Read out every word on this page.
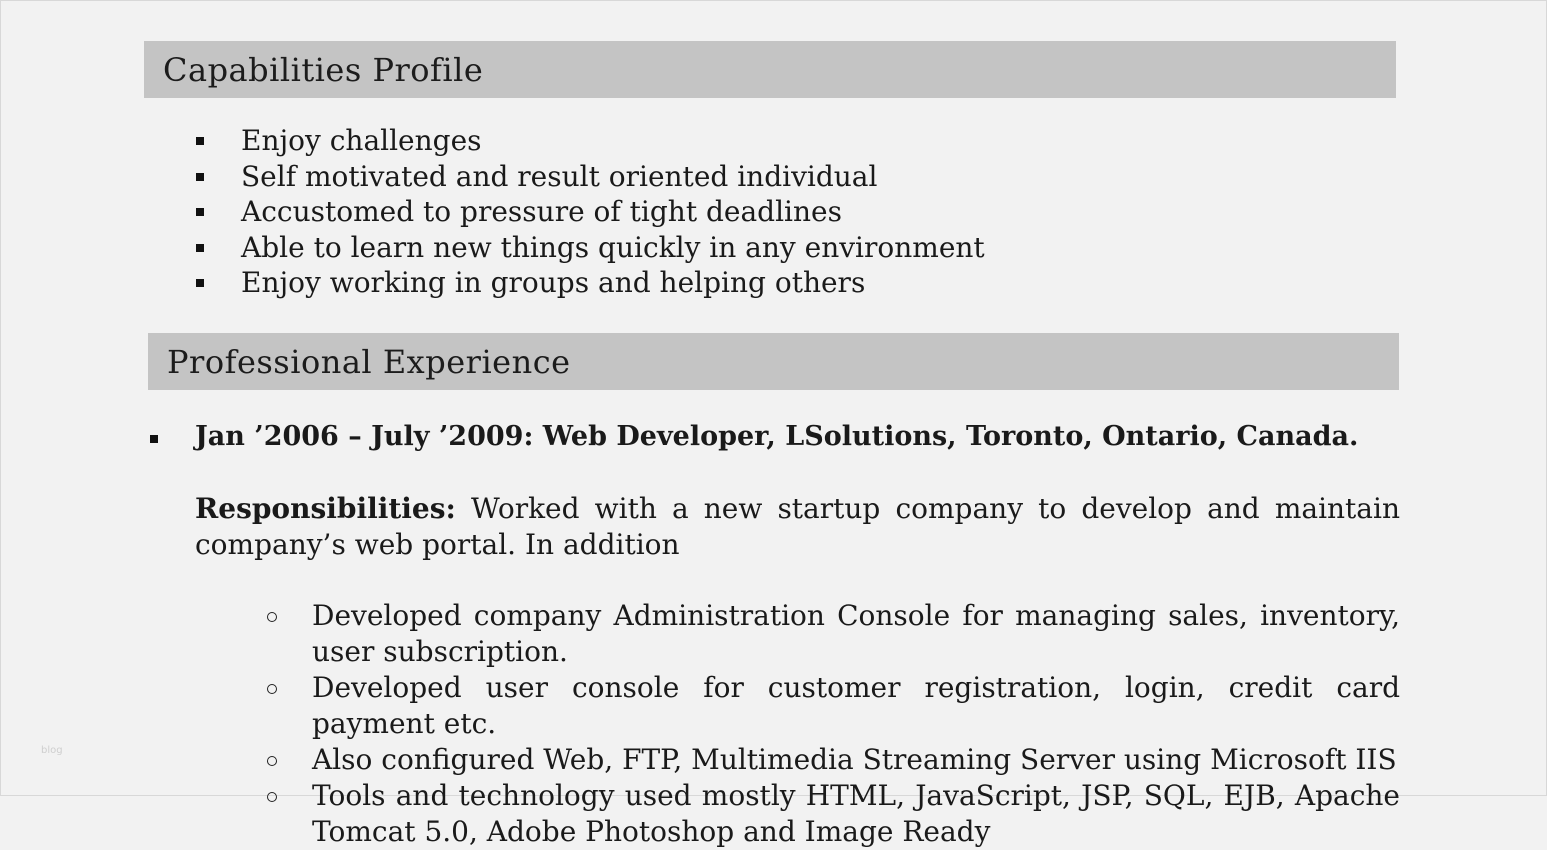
Capabilities Profile
Enjoy challenges
Self motivated and result oriented individual
Accustomed to pressure of tight deadlines
Able to learn new things quickly in any environment
Enjoy working in groups and helping others
Professional Experience
Jan ’2006 – July ’2009: Web Developer, LSolutions, Toronto, Ontario, Canada.
Responsibilities: Worked with a new startup company to develop and maintain company’s web portal. In addition
Developed company Administration Console for managing sales, inventory, user subscription.
Developed user console for customer registration, login, credit card payment etc.
Also configured Web, FTP, Multimedia Streaming Server using Microsoft IIS
Tools and technology used mostly HTML, JavaScript, JSP, SQL, EJB, Apache Tomcat 5.0, Adobe Photoshop and Image Ready
blog
